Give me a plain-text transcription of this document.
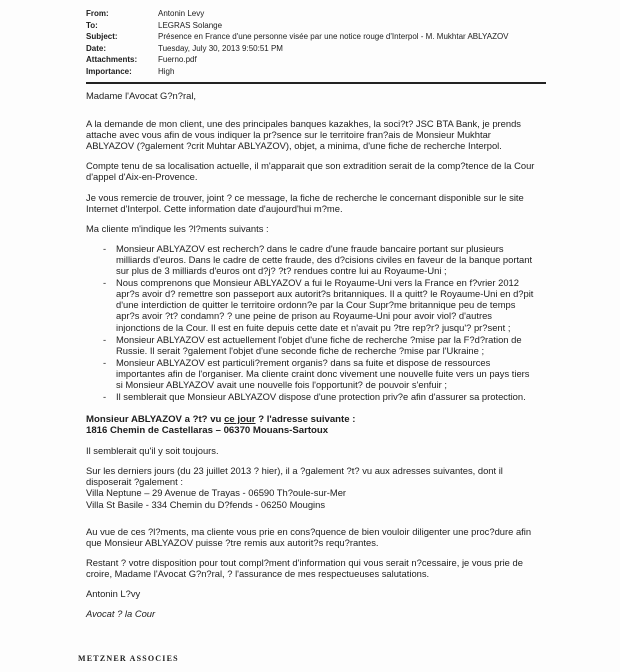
From:	Antonin Levy
To:	LEGRAS Solange
Subject:	Présence en France d'une personne visée par une notice rouge d'Interpol - M. Mukhtar ABLYAZOV
Date:	Tuesday, July 30, 2013 9:50:51 PM
Attachments:	Fuerno.pdf
Importance:	High

Madame l'Avocat G?n?ral,

A la demande de mon client, une des principales banques kazakhes, la soci?t? JSC BTA Bank, je prends attache avec vous afin de vous indiquer la pr?sence sur le territoire fran?ais de Monsieur Mukhtar ABLYAZOV (?galement ?crit Muhtar ABLYAZOV), objet, a minima, d'une fiche de recherche Interpol.

Compte tenu de sa localisation actuelle, il m'apparait que son extradition serait de la comp?tence de la Cour d'appel d'Aix-en-Provence.

Je vous remercie de trouver, joint ? ce message, la fiche de recherche le concernant disponible sur le site Internet d'Interpol. Cette information date d'aujourd'hui m?me.

Ma cliente m'indique les ?l?ments suivants :

- Monsieur ABLYAZOV est recherch? dans le cadre d'une fraude bancaire portant sur plusieurs milliards d'euros. Dans le cadre de cette fraude, des d?cisions civiles en faveur de la banque portant sur plus de 3 milliards d'euros ont d?j? ?t? rendues contre lui au Royaume-Uni ;
- Nous comprenons que Monsieur ABLYAZOV a fui le Royaume-Uni vers la France en f?vrier 2012 apr?s avoir d? remettre son passeport aux autorit?s britanniques. Il a quitt? le Royaume-Uni en d?pit d'une interdiction de quitter le territoire ordonn?e par la Cour Supr?me britannique peu de temps apr?s avoir ?t? condamn? ? une peine de prison au Royaume-Uni pour avoir viol? d'autres injonctions de la Cour. Il est en fuite depuis cette date et n'avait pu ?tre rep?r? jusqu'? pr?sent ;
- Monsieur ABLYAZOV est actuellement l'objet d'une fiche de recherche ?mise par la F?d?ration de Russie. Il serait ?galement l'objet d'une seconde fiche de recherche ?mise par l'Ukraine ;
- Monsieur ABLYAZOV est particuli?rement organis? dans sa fuite et dispose de ressources importantes afin de l'organiser. Ma cliente craint donc vivement une nouvelle fuite vers un pays tiers si Monsieur ABLYAZOV avait une nouvelle fois l'opportunit? de pouvoir s'enfuir ;
- Il semblerait que Monsieur ABLYAZOV dispose d'une protection priv?e afin d'assurer sa protection.

Monsieur ABLYAZOV a ?t? vu ce jour ? l'adresse suivante :
1816 Chemin de Castellaras – 06370 Mouans-Sartoux

Il semblerait qu'il y soit toujours.

Sur les derniers jours (du 23 juillet 2013 ? hier), il a ?galement ?t? vu aux adresses suivantes, dont il disposerait ?galement :
Villa Neptune – 29 Avenue de Trayas - 06590 Th?oule-sur-Mer
Villa St Basile - 334 Chemin du D?fends - 06250 Mougins

Au vue de ces ?l?ments, ma cliente vous prie en cons?quence de bien vouloir diligenter une proc?dure afin que Monsieur ABLYAZOV puisse ?tre remis aux autorit?s requ?rantes.

Restant ? votre disposition pour tout compl?ment d'information qui vous serait n?cessaire, je vous prie de croire, Madame l'Avocat G?n?ral, ? l'assurance de mes respectueuses salutations.

Antonin L?vy

Avocat ? la Cour

METZNER ASSOCIES
